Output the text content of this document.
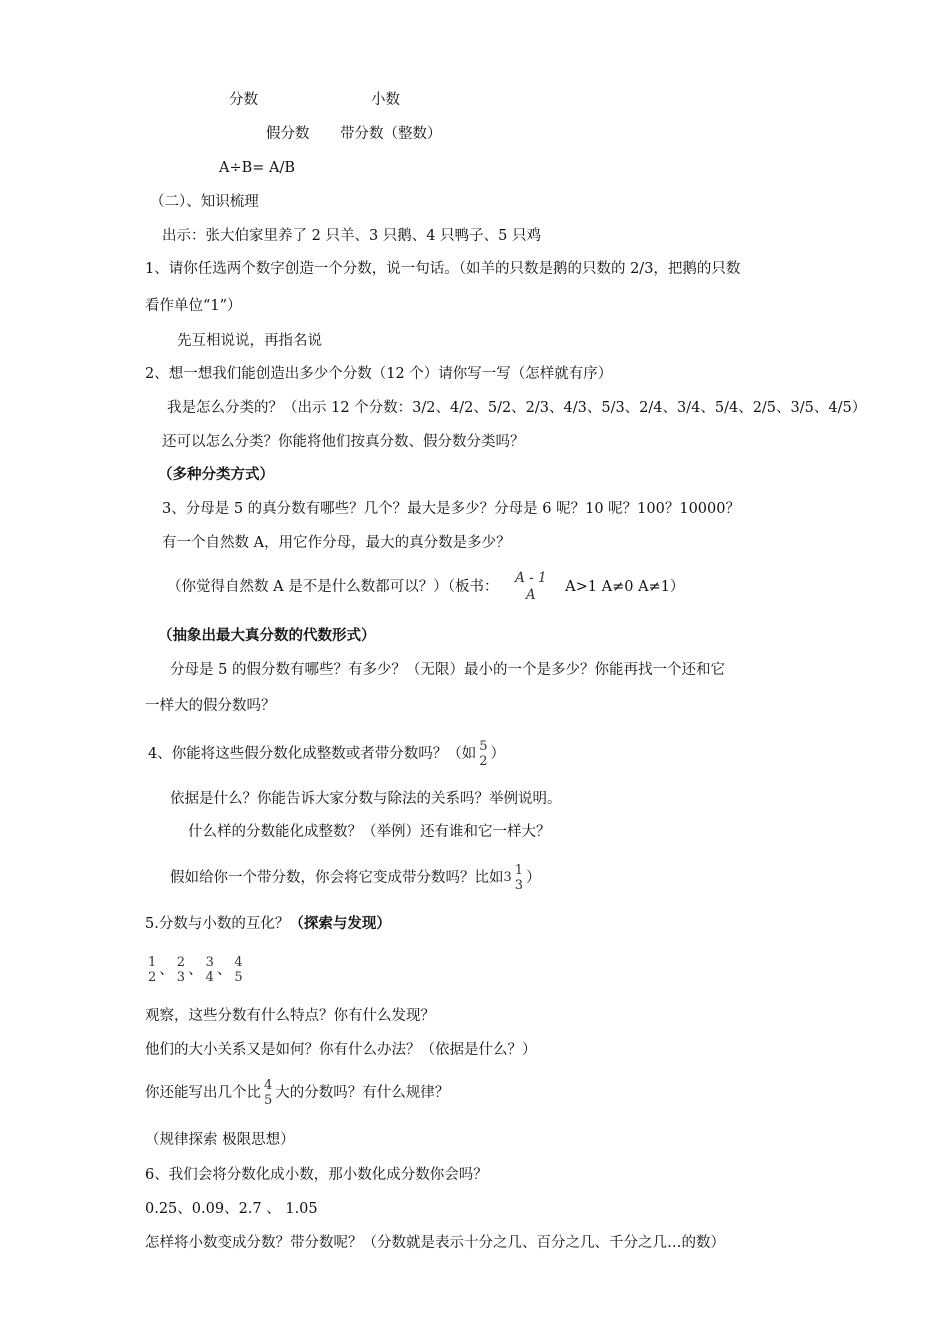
分数	小数
假分数 带分数（整数）
A÷B= A/B
（二）、知识梳理
出示：张大伯家里养了 2 只羊、3 只鹅、4 只鸭子、5 只鸡
1、请你任选两个数字创造一个分数，说一句话。（如羊的只数是鹅的只数的 2/3，把鹅的只数
看作单位“1”）
先互相说说，再指名说
2、想一想我们能创造出多少个分数（12 个）请你写一写（怎样就有序）
我是怎么分类的？（出示 12 个分数：3/2、4/2、5/2、2/3、4/3、5/3、2/4、3/4、5/4、2/5、3/5、4/5）
还可以怎么分类？你能将他们按真分数、假分数分类吗？
（多种分类方式）
3、分母是 5 的真分数有哪些？几个？最大是多少？分母是 6 呢？10 呢？100？10000？
有一个自然数 A，用它作分母，最大的真分数是多少？
（你觉得自然数 A 是不是什么数都可以？）（板书：
A - 1
A A>1 A≠0 A≠1）
（抽象出最大真分数的代数形式）
分母是 5 的假分数有哪些？有多少？（无限）最小的一个是多少？你能再找一个还和它
一样大的假分数吗？
4、你能将这些假分数化成整数或者带分数吗？（如 5
2 ）
依据是什么？你能告诉大家分数与除法的关系吗？举例说明。
什么样的分数能化成整数？（举例）还有谁和它一样大？
假如给你一个带分数，你会将它变成带分数吗？比如3 1
3 ）
5.分数与小数的互化？（探索与发现）
1
2 、 2
3 、 3
4 、 4
5
观察，这些分数有什么特点？你有什么发现？
他们的大小关系又是如何？你有什么办法？（依据是什么？）
你还能写出几个比 4
5 大的分数吗？有什么规律？
（规律探索 极限思想）
6、我们会将分数化成小数，那小数化成分数你会吗？
0.25、0.09、2.7 、 1.05
怎样将小数变成分数？带分数呢？（分数就是表示十分之几、百分之几、千分之几…的数）
